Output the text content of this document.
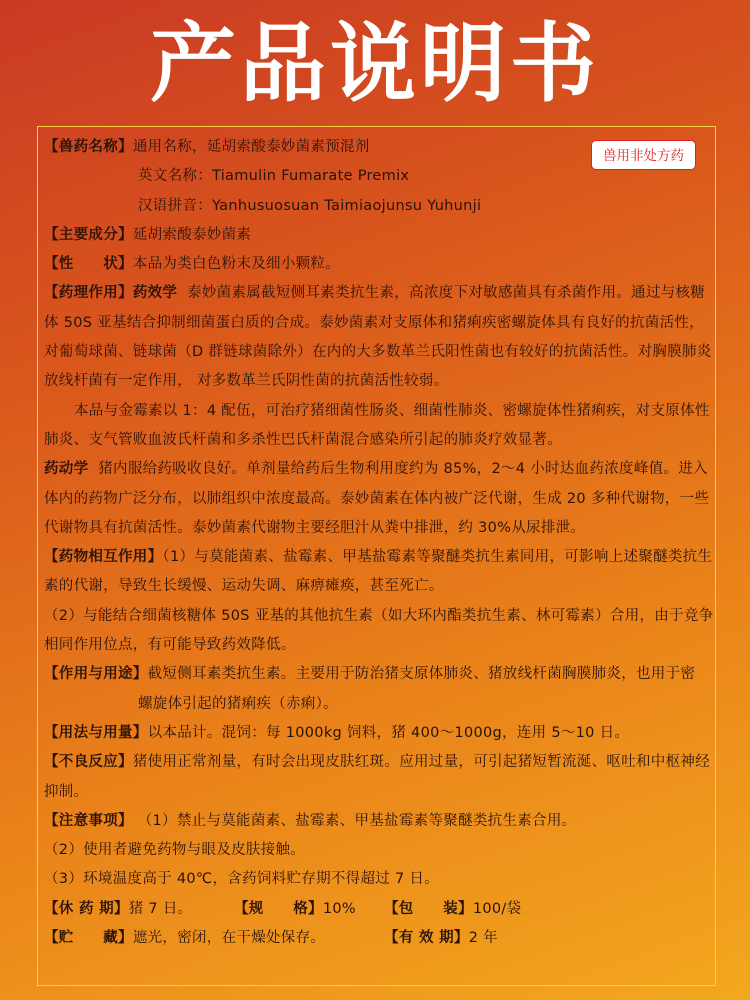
产品说明书
兽用非处方药
【兽药名称】通用名称，延胡索酸泰妙菌素预混剂
英文名称：Tiamulin Fumarate Premix
汉语拼音：Yanhusuosuan Taimiaojunsu Yuhunji
【主要成分】延胡索酸泰妙菌素
【性　　状】本品为类白色粉末及细小颗粒。
【药理作用】药效学 泰妙菌素属截短侧耳素类抗生素，高浓度下对敏感菌具有杀菌作用。通过与核糖体 50S 亚基结合抑制细菌蛋白质的合成。泰妙菌素对支原体和猪痢疾密螺旋体具有良好的抗菌活性，对葡萄球菌、链球菌（D 群链球菌除外）在内的大多数革兰氏阳性菌也有较好的抗菌活性。对胸膜肺炎放线杆菌有一定作用， 对多数革兰氏阴性菌的抗菌活性较弱。
本品与金霉素以 1：4 配伍，可治疗猪细菌性肠炎、细菌性肺炎、密螺旋体性猪痢疾，对支原体性肺炎、支气管败血波氏杆菌和多杀性巴氏杆菌混合感染所引起的肺炎疗效显著。
药动学 猪内服给药吸收良好。单剂量给药后生物利用度约为 85%，2～4 小时达血药浓度峰值。进入体内的药物广泛分布，以肺组织中浓度最高。泰妙菌素在体内被广泛代谢，生成 20 多种代谢物，一些代谢物具有抗菌活性。泰妙菌素代谢物主要经胆汁从粪中排泄，约 30%从尿排泄。
【药物相互作用】（1）与莫能菌素、盐霉素、甲基盐霉素等聚醚类抗生素同用，可影响上述聚醚类抗生素的代谢，导致生长缓慢、运动失调、麻痹瘫痪，甚至死亡。
（2）与能结合细菌核糖体 50S 亚基的其他抗生素（如大环内酯类抗生素、林可霉素）合用，由于竞争相同作用位点，有可能导致药效降低。
【作用与用途】截短侧耳素类抗生素。主要用于防治猪支原体肺炎、猪放线杆菌胸膜肺炎，也用于密
螺旋体引起的猪痢疾（赤痢）。
【用法与用量】以本品计。混饲：每 1000kg 饲料，猪 400～1000g，连用 5～10 日。
【不良反应】猪使用正常剂量，有时会出现皮肤红斑。应用过量，可引起猪短暂流涎、呕吐和中枢神经抑制。
【注意事项】 （1）禁止与莫能菌素、盐霉素、甲基盐霉素等聚醚类抗生素合用。
（2）使用者避免药物与眼及皮肤接触。
（3）环境温度高于 40℃，含药饲料贮存期不得超过 7 日。
【休 药 期】猪 7 日。	【规　　格】10% 【包　　装】100/袋
【贮　　藏】遮光，密闭，在干燥处保存。	【有 效 期】2 年
